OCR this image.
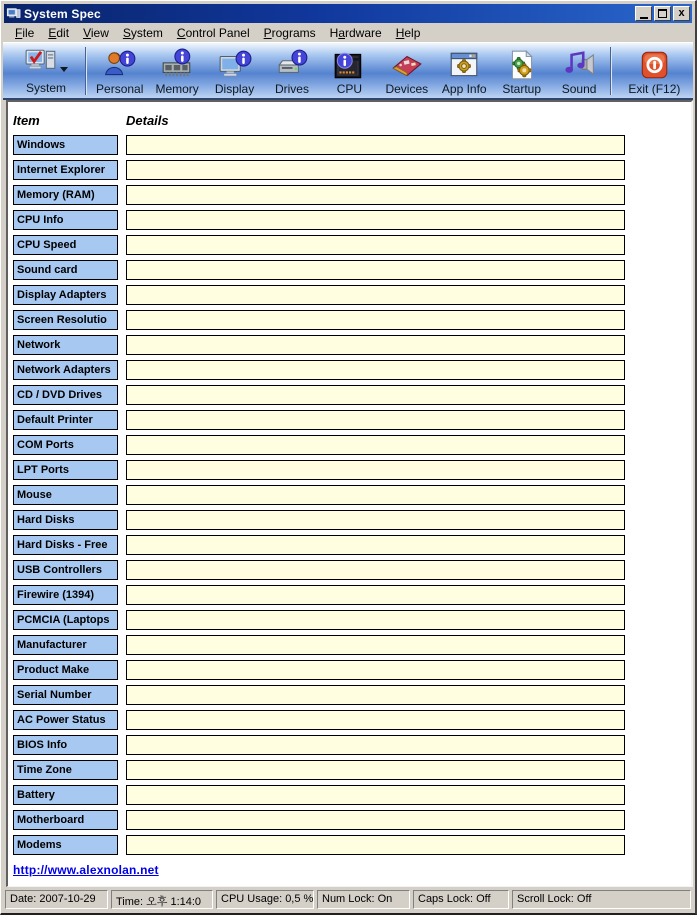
System Spec	x
File	Edit	View	System	Control Panel	Programs	Hardware	Help
System	Personal	Memory	Display	Drives	CPU	Devices	App Info	Startup	Sound	Exit (F12)
Item	Details
Windows
Internet Explorer
Memory (RAM)
CPU Info
CPU Speed
Sound card
Display Adapters
Screen Resolutio
Network
Network Adapters
CD / DVD Drives
Default Printer
COM Ports
LPT Ports
Mouse
Hard Disks
Hard Disks - Free
USB Controllers
Firewire (1394)
PCMCIA (Laptops
Manufacturer
Product Make
Serial Number
AC Power Status
BIOS Info
Time Zone
Battery
Motherboard
Modems
http://www.alexnolan.net
Date: 2007-10-29	Time: 오후 1:14:0	CPU Usage: 0,5 % Num Lock: On	Caps Lock: Off	Scroll Lock: Off
